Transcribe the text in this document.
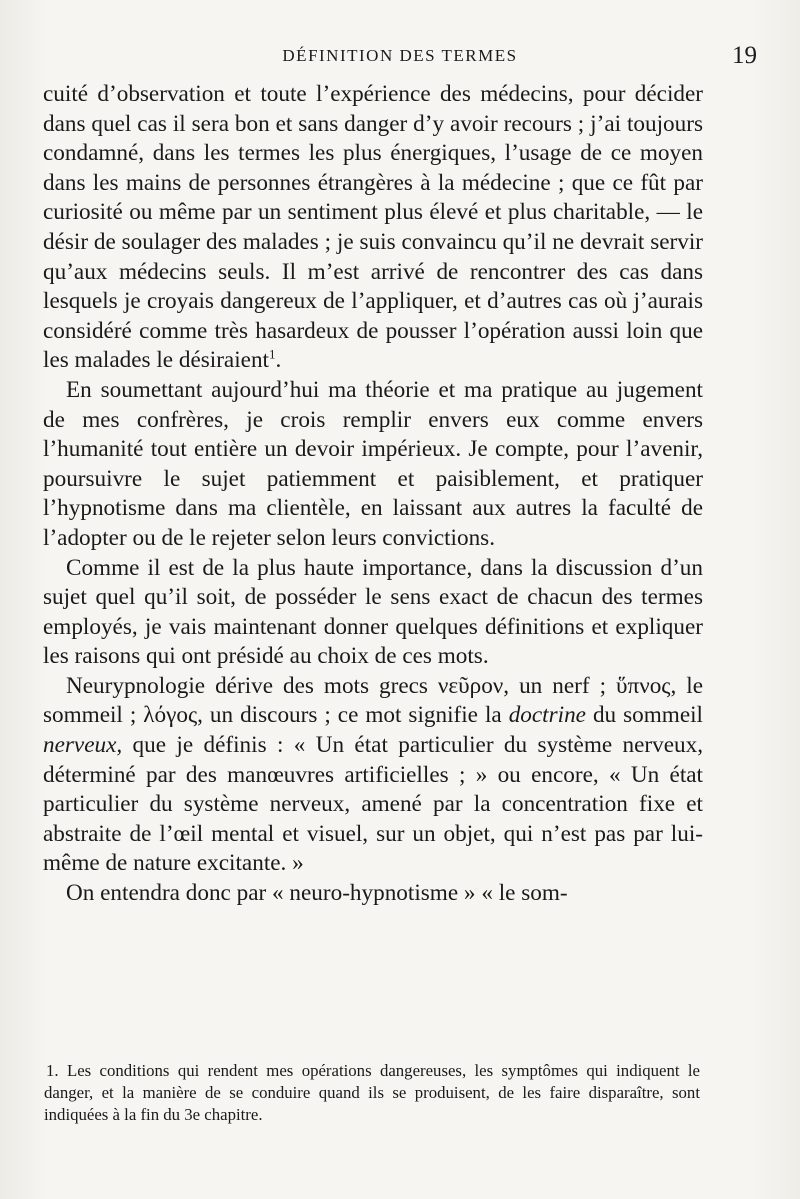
DÉFINITION DES TERMES	19

cuité d’observation et toute l’expérience des médecins, pour décider dans quel cas il sera bon et sans danger d’y avoir recours ; j’ai toujours condamné, dans les termes les plus énergiques, l’usage de ce moyen dans les mains de personnes étrangères à la médecine ; que ce fût par curiosité ou même par un sentiment plus élevé et plus charitable, — le désir de soulager des malades ; je suis convaincu qu’il ne devrait servir qu’aux médecins seuls. Il m’est arrivé de rencontrer des cas dans lesquels je croyais dangereux de l’appliquer, et d’autres cas où j’aurais considéré comme très hasardeux de pousser l’opération aussi loin que les malades le désiraient$^1$.

En soumettant aujourd’hui ma théorie et ma pratique au jugement de mes confrères, je crois remplir envers eux comme envers l’humanité tout entière un devoir impérieux. Je compte, pour l’avenir, poursuivre le sujet patiemment et paisiblement, et pratiquer l’hypnotisme dans ma clientèle, en laissant aux autres la faculté de l’adopter ou de le rejeter selon leurs convictions.

Comme il est de la plus haute importance, dans la discussion d’un sujet quel qu’il soit, de posséder le sens exact de chacun des termes employés, je vais maintenant donner quelques définitions et expliquer les raisons qui ont présidé au choix de ces mots.

Neurypnologie dérive des mots grecs νεῦρον, un nerf ; ὕπνος, le sommeil ; λόγος, un discours ; ce mot signifie la doctrine du sommeil nerveux, que je définis : « Un état particulier du système nerveux, déterminé par des manœuvres artificielles ; » ou encore, « Un état particulier du système nerveux, amené par la concentration fixe et abstraite de l’œil mental et visuel, sur un objet, qui n’est pas par lui-même de nature excitante. »

On entendra donc par « neuro-hypnotisme » « le som-

1. Les conditions qui rendent mes opérations dangereuses, les symptômes qui indiquent le danger, et la manière de se conduire quand ils se produisent, de les faire disparaître, sont indiquées à la fin du 3e chapitre.
